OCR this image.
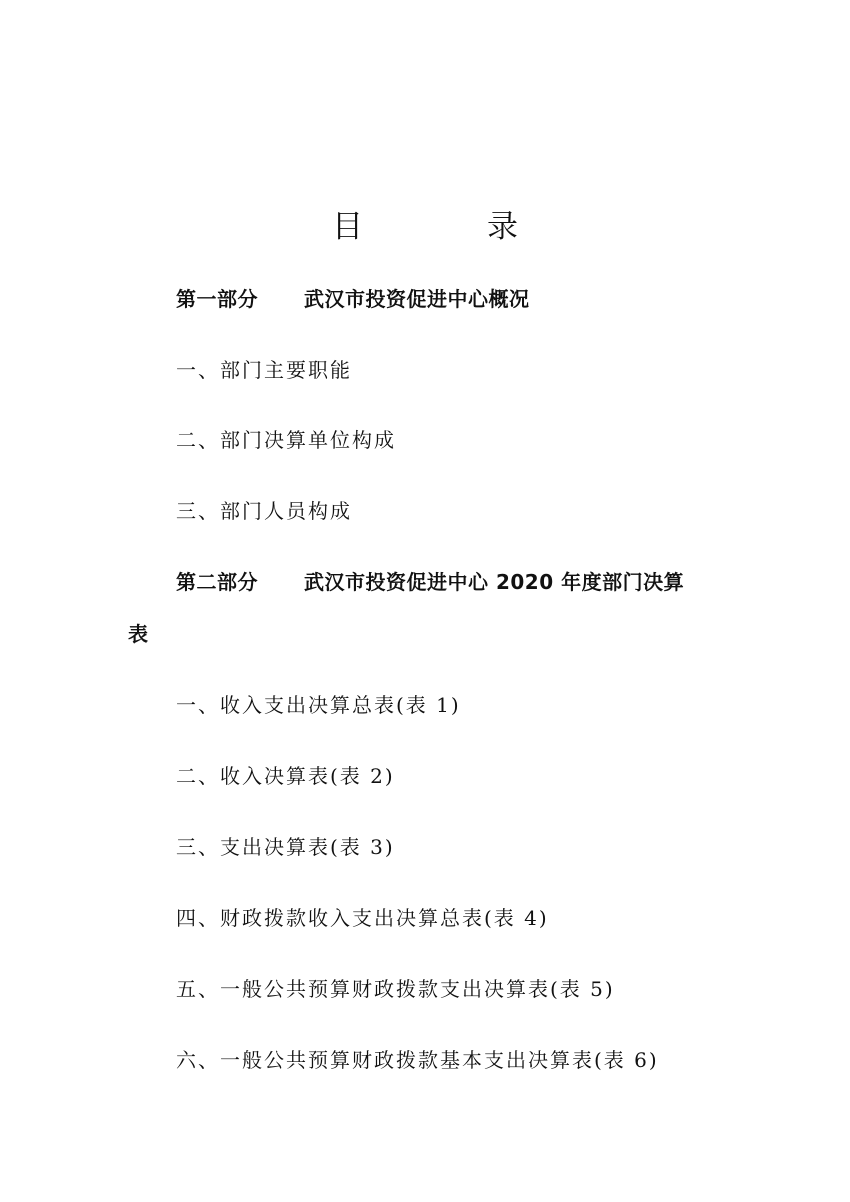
目	录
第一部分 武汉市投资促进中心概况
一、部门主要职能
二、部门决算单位构成
三、部门人员构成
第二部分 武汉市投资促进中心 2020 年度部门决算
表
一、收入支出决算总表(表 1)
二、收入决算表(表 2)
三、支出决算表(表 3)
四、财政拨款收入支出决算总表(表 4)
五、一般公共预算财政拨款支出决算表(表 5)
六、一般公共预算财政拨款基本支出决算表(表 6)
